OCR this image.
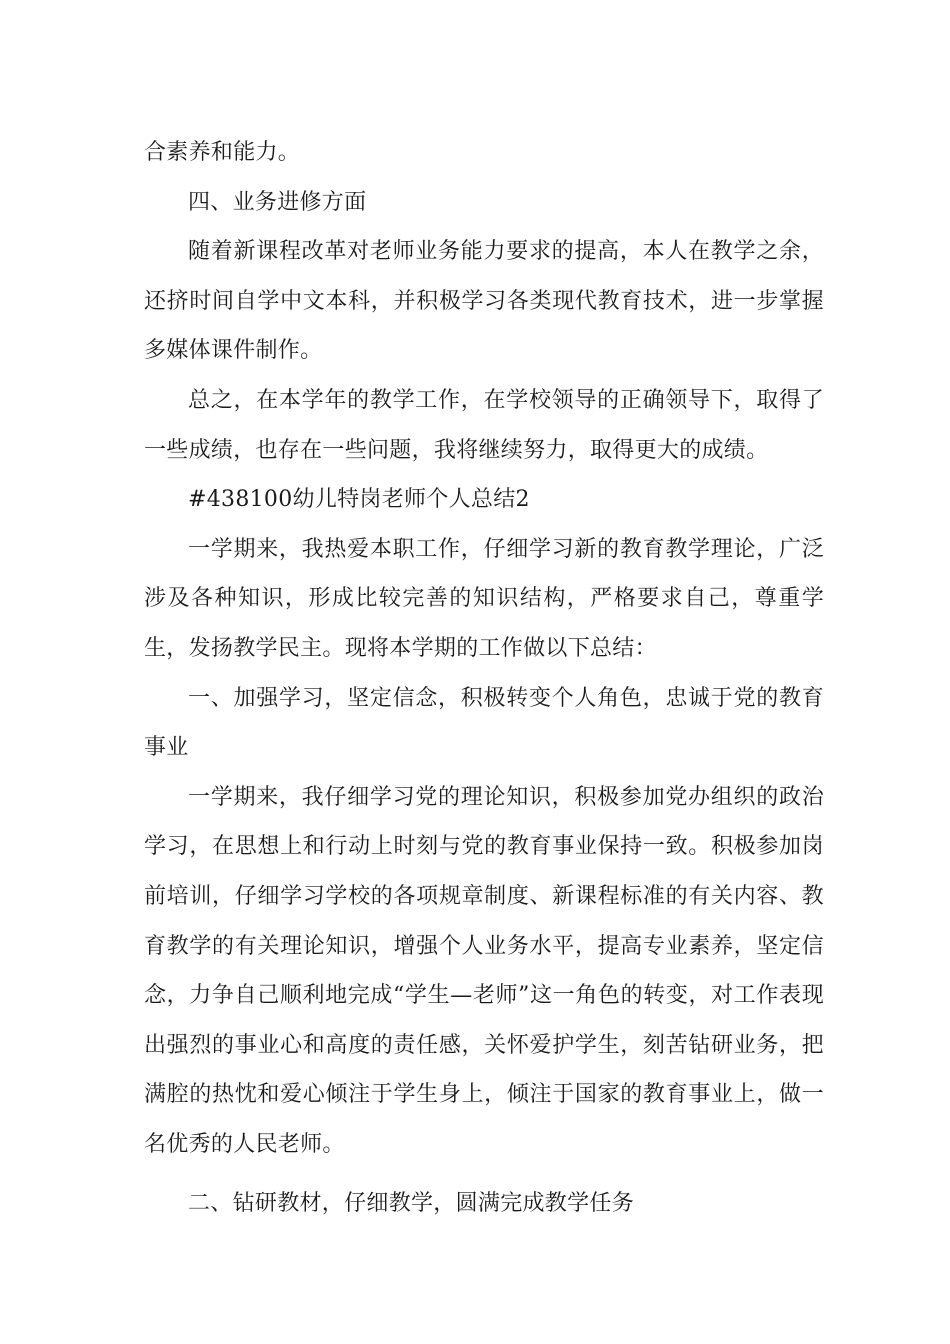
合素养和能力。

四、业务进修方面

随着新课程改革对老师业务能力要求的提高，本人在教学之余，还挤时间自学中文本科，并积极学习各类现代教育技术，进一步掌握多媒体课件制作。

总之，在本学年的教学工作，在学校领导的正确领导下，取得了一些成绩，也存在一些问题，我将继续努力，取得更大的成绩。

#438100幼儿特岗老师个人总结2

一学期来，我热爱本职工作，仔细学习新的教育教学理论，广泛涉及各种知识，形成比较完善的知识结构，严格要求自己，尊重学生，发扬教学民主。现将本学期的工作做以下总结：

一、加强学习，坚定信念，积极转变个人角色，忠诚于党的教育事业

一学期来，我仔细学习党的理论知识，积极参加党办组织的政治学习，在思想上和行动上时刻与党的教育事业保持一致。积极参加岗前培训，仔细学习学校的各项规章制度、新课程标准的有关内容、教育教学的有关理论知识，增强个人业务水平，提高专业素养，坚定信念，力争自己顺利地完成“学生—老师”这一角色的转变，对工作表现出强烈的事业心和高度的责任感，关怀爱护学生，刻苦钻研业务，把满腔的热忱和爱心倾注于学生身上，倾注于国家的教育事业上，做一名优秀的人民老师。

二、钻研教材，仔细教学，圆满完成教学任务
